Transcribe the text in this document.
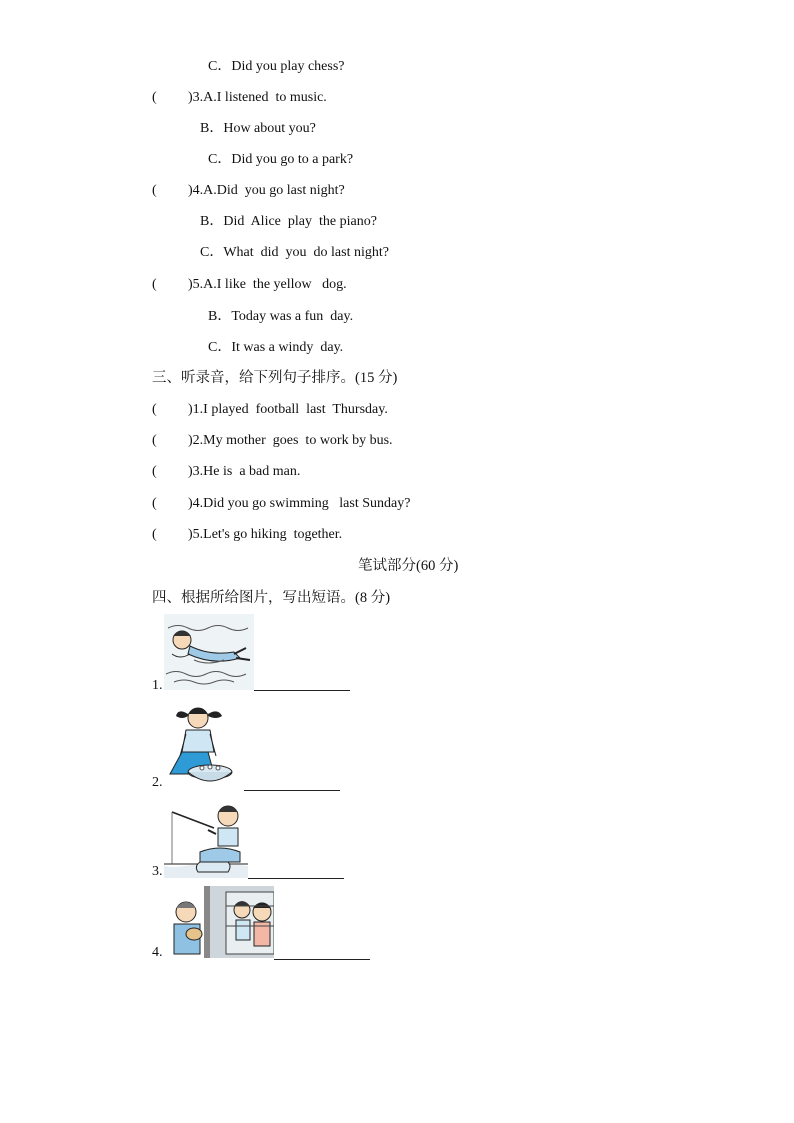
C．Did you play chess?
( )3.A.I listened  to music.
B．How about you?
C．Did you go to a park?
( )4.A.Did  you go last night?
B．Did  Alice  play  the piano?
C．What  did  you  do last night?
( )5.A.I like  the yellow   dog.
B．Today was a fun  day.
C．It was a windy  day.
三、听录音，给下列句子排序。(15 分)
( )1.I played  football  last  Thursday.
( )2.My mother  goes  to work by bus.
( )3.He is  a bad man.
( )4.Did you go swimming   last Sunday?
( )5.Let's go hiking  together.
笔试部分(60 分)
四、根据所给图片，写出短语。(8 分)
1.
2.
3.
4.
